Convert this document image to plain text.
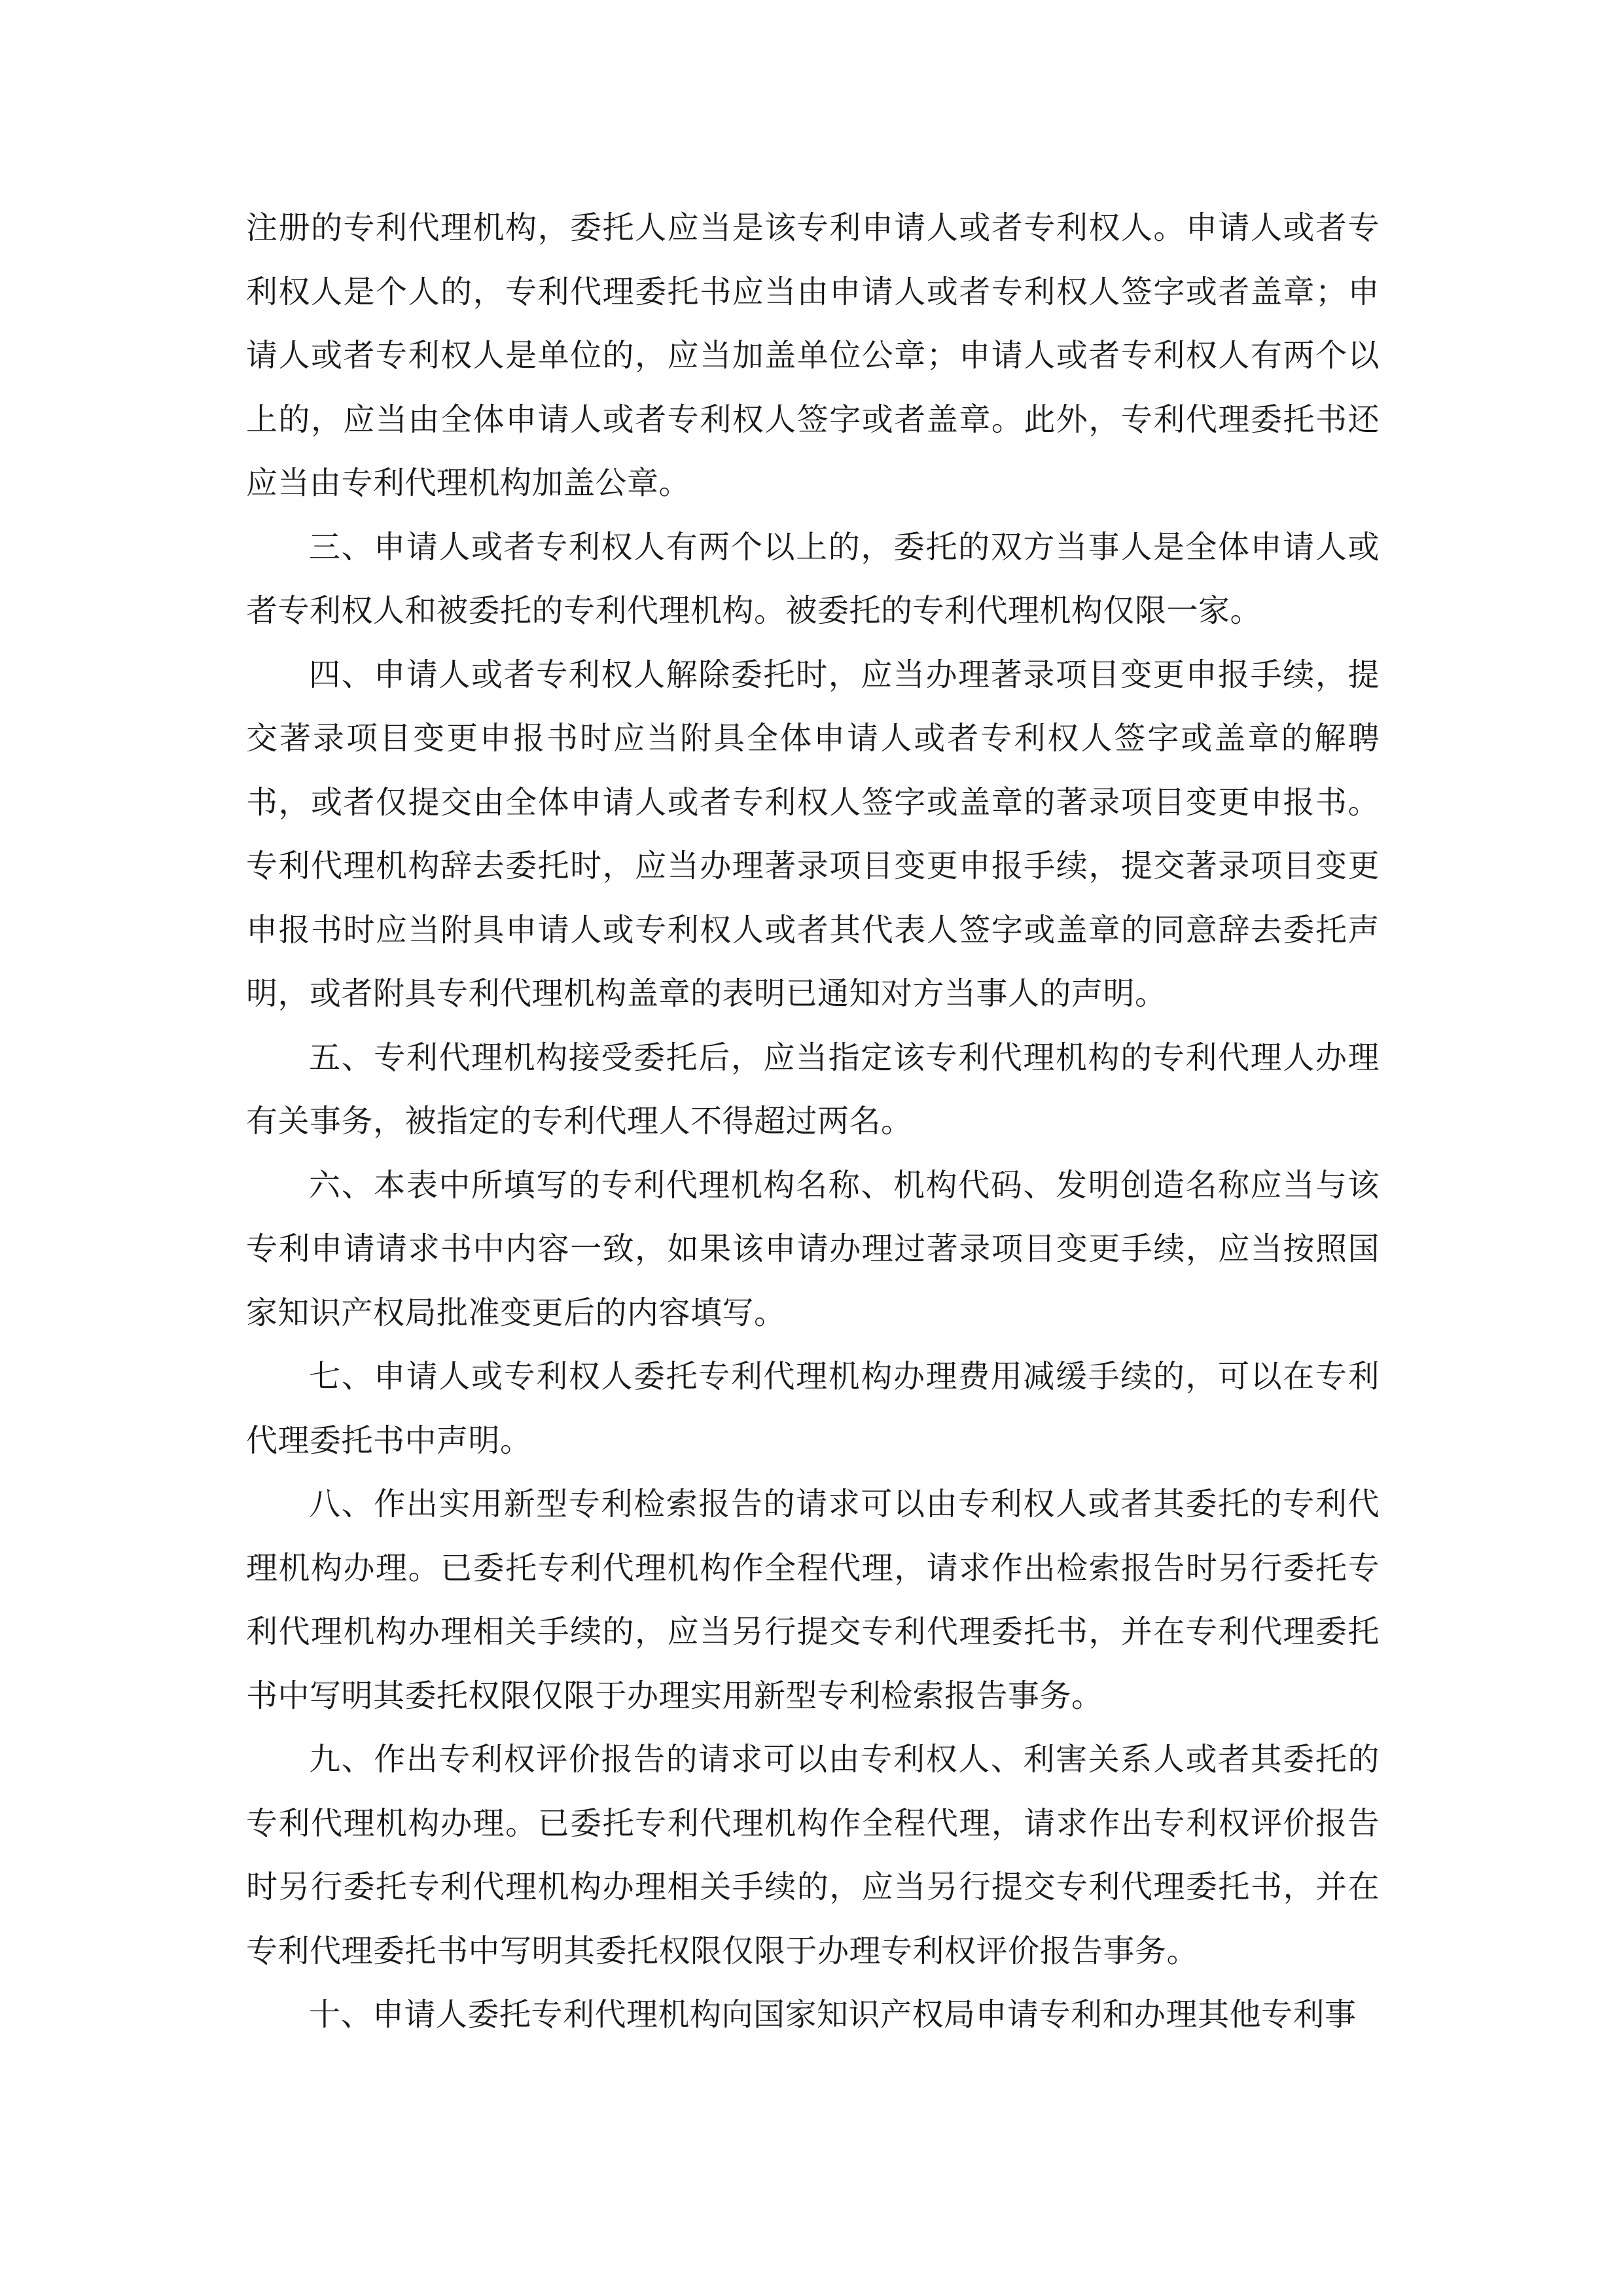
注册的专利代理机构，委托人应当是该专利申请人或者专利权人。申请人或者专利权人是个人的，专利代理委托书应当由申请人或者专利权人签字或者盖章；申请人或者专利权人是单位的，应当加盖单位公章；申请人或者专利权人有两个以上的，应当由全体申请人或者专利权人签字或者盖章。此外，专利代理委托书还应当由专利代理机构加盖公章。

三、申请人或者专利权人有两个以上的，委托的双方当事人是全体申请人或者专利权人和被委托的专利代理机构。被委托的专利代理机构仅限一家。

四、申请人或者专利权人解除委托时，应当办理著录项目变更申报手续，提交著录项目变更申报书时应当附具全体申请人或者专利权人签字或盖章的解聘书，或者仅提交由全体申请人或者专利权人签字或盖章的著录项目变更申报书。专利代理机构辞去委托时，应当办理著录项目变更申报手续，提交著录项目变更申报书时应当附具申请人或专利权人或者其代表人签字或盖章的同意辞去委托声明，或者附具专利代理机构盖章的表明已通知对方当事人的声明。

五、专利代理机构接受委托后，应当指定该专利代理机构的专利代理人办理有关事务，被指定的专利代理人不得超过两名。

六、本表中所填写的专利代理机构名称、机构代码、发明创造名称应当与该专利申请请求书中内容一致，如果该申请办理过著录项目变更手续，应当按照国家知识产权局批准变更后的内容填写。

七、申请人或专利权人委托专利代理机构办理费用减缓手续的，可以在专利代理委托书中声明。

八、作出实用新型专利检索报告的请求可以由专利权人或者其委托的专利代理机构办理。已委托专利代理机构作全程代理，请求作出检索报告时另行委托专利代理机构办理相关手续的，应当另行提交专利代理委托书，并在专利代理委托书中写明其委托权限仅限于办理实用新型专利检索报告事务。

九、作出专利权评价报告的请求可以由专利权人、利害关系人或者其委托的专利代理机构办理。已委托专利代理机构作全程代理，请求作出专利权评价报告时另行委托专利代理机构办理相关手续的，应当另行提交专利代理委托书，并在专利代理委托书中写明其委托权限仅限于办理专利权评价报告事务。

十、申请人委托专利代理机构向国家知识产权局申请专利和办理其他专利事
